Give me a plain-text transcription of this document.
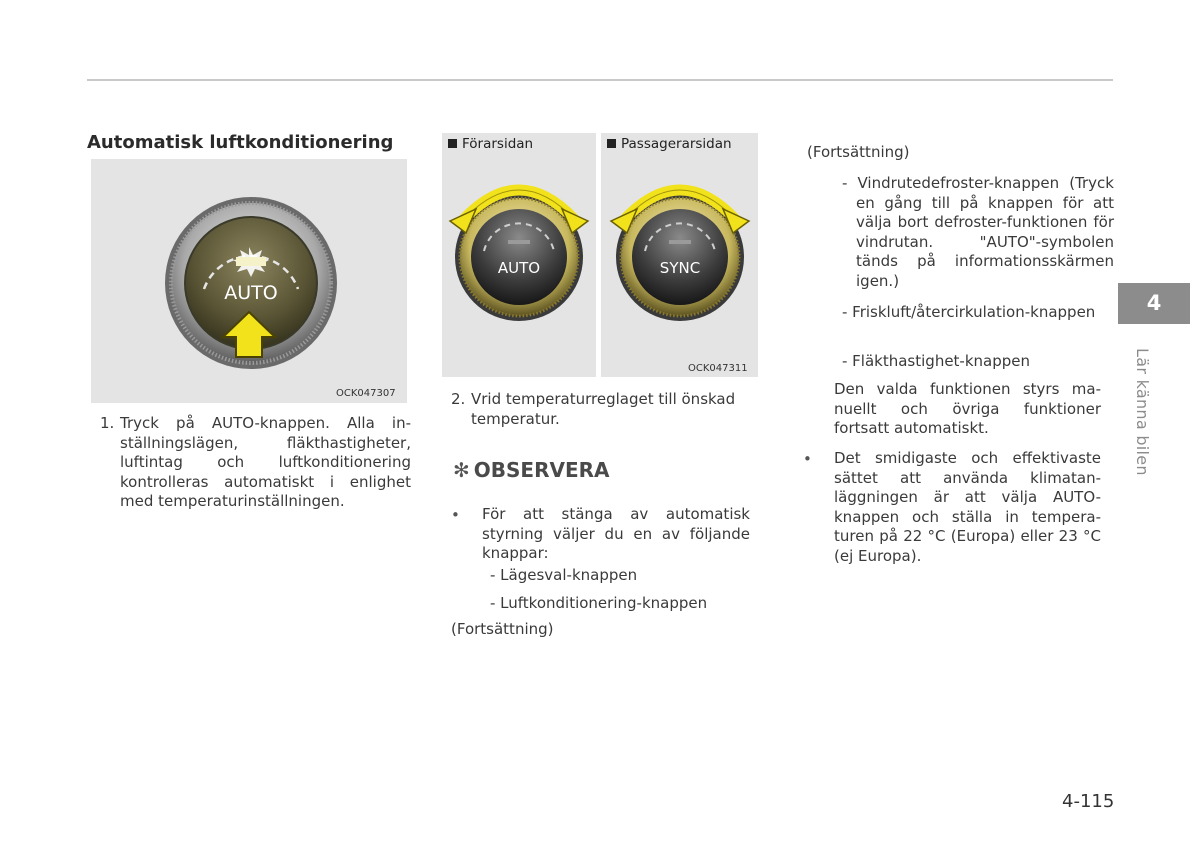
Automatisk luftkonditionering
AUTO
OCK047307
AUTO
Förarsidan
SYNC
Passagerarsidan
OCK047311
1. Tryck på AUTO-knappen. Alla in-ställningslägen, fläkthastigheter, luftintag och luftkonditionering kontrolleras automatiskt i enlighet med temperaturinställningen.
2. Vrid temperaturreglaget till önskad temperatur.
✻ OBSERVERA
• För att stänga av automatisk styrning väljer du en av följande knappar:
- Lägesval-knappen
- Luftkonditionering-knappen
(Fortsättning)
(Fortsättning)
- Vindrutedefroster-knappen (Tryck en gång till på knappen för att välja bort defroster-funktionen för vindrutan. "AUTO"-symbolen tänds på informationsskärmen igen.)
- Friskluft/återcirkulation-knappen
- Fläkthastighet-knappen
Den valda funktionen styrs ma-nuellt och övriga funktioner fortsatt automatiskt.
• Det smidigaste och effektivaste sättet att använda klimatan-läggningen är att välja AUTO-knappen och ställa in tempera-turen på 22 °C (Europa) eller 23 °C (ej Europa).
4
Lär känna bilen
4-115
